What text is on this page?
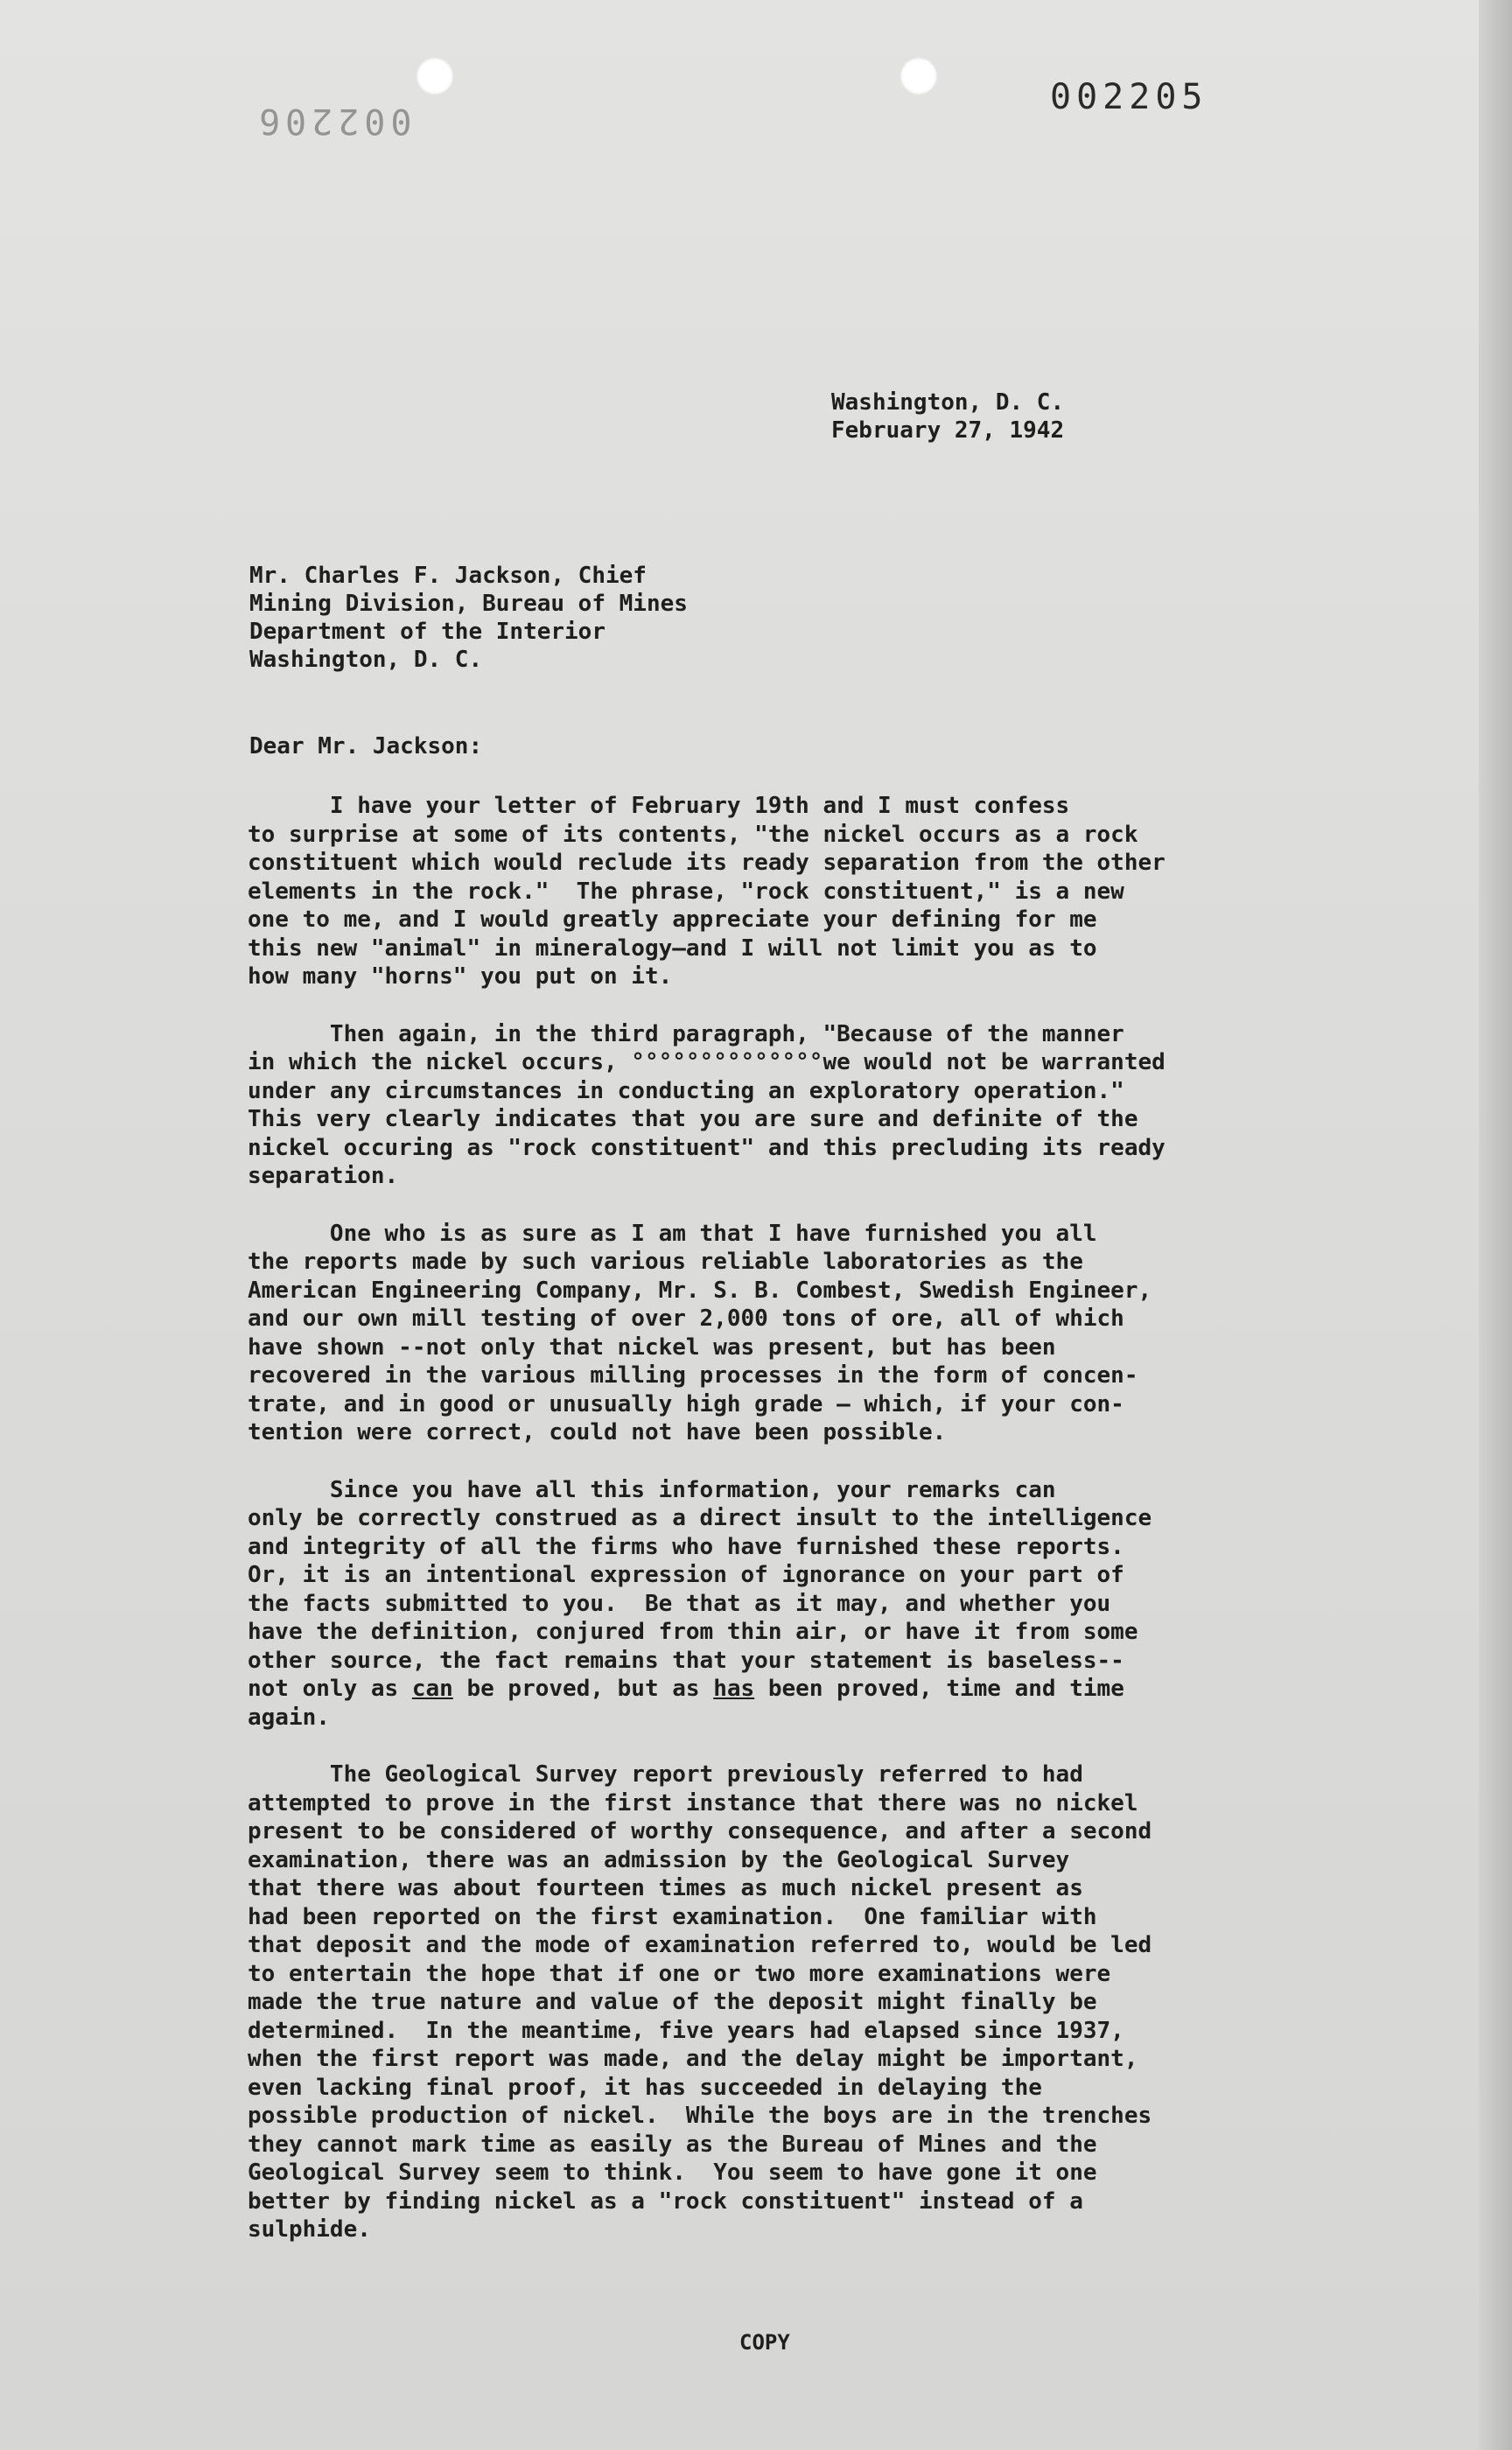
002205
002206
Washington, D. C.
February 27, 1942
Mr. Charles F. Jackson, Chief
Mining Division, Bureau of Mines
Department of the Interior
Washington, D. C.
Dear Mr. Jackson:
I have your letter of February 19th and I must confess
to surprise at some of its contents, "the nickel occurs as a rock
constituent which would reclude its ready separation from the other
elements in the rock."  The phrase, "rock constituent," is a new
one to me, and I would greatly appreciate your defining for me
this new "animal" in mineralogy—and I will not limit you as to
how many "horns" you put on it.
Then again, in the third paragraph, "Because of the manner
in which the nickel occurs, °°°°°°°°°°°°°°we would not be warranted
under any circumstances in conducting an exploratory operation."
This very clearly indicates that you are sure and definite of the
nickel occuring as "rock constituent" and this precluding its ready
separation.
One who is as sure as I am that I have furnished you all
the reports made by such various reliable laboratories as the
American Engineering Company, Mr. S. B. Combest, Swedish Engineer,
and our own mill testing of over 2,000 tons of ore, all of which
have shown --not only that nickel was present, but has been
recovered in the various milling processes in the form of concen-
trate, and in good or unusually high grade — which, if your con-
tention were correct, could not have been possible.
Since you have all this information, your remarks can
only be correctly construed as a direct insult to the intelligence
and integrity of all the firms who have furnished these reports.
Or, it is an intentional expression of ignorance on your part of
the facts submitted to you.  Be that as it may, and whether you
have the definition, conjured from thin air, or have it from some
other source, the fact remains that your statement is baseless--
not only as can be proved, but as has been proved, time and time
again.
The Geological Survey report previously referred to had
attempted to prove in the first instance that there was no nickel
present to be considered of worthy consequence, and after a second
examination, there was an admission by the Geological Survey
that there was about fourteen times as much nickel present as
had been reported on the first examination.  One familiar with
that deposit and the mode of examination referred to, would be led
to entertain the hope that if one or two more examinations were
made the true nature and value of the deposit might finally be
determined.  In the meantime, five years had elapsed since 1937,
when the first report was made, and the delay might be important,
even lacking final proof, it has succeeded in delaying the
possible production of nickel.  While the boys are in the trenches
they cannot mark time as easily as the Bureau of Mines and the
Geological Survey seem to think.  You seem to have gone it one
better by finding nickel as a "rock constituent" instead of a
sulphide.
COPY
